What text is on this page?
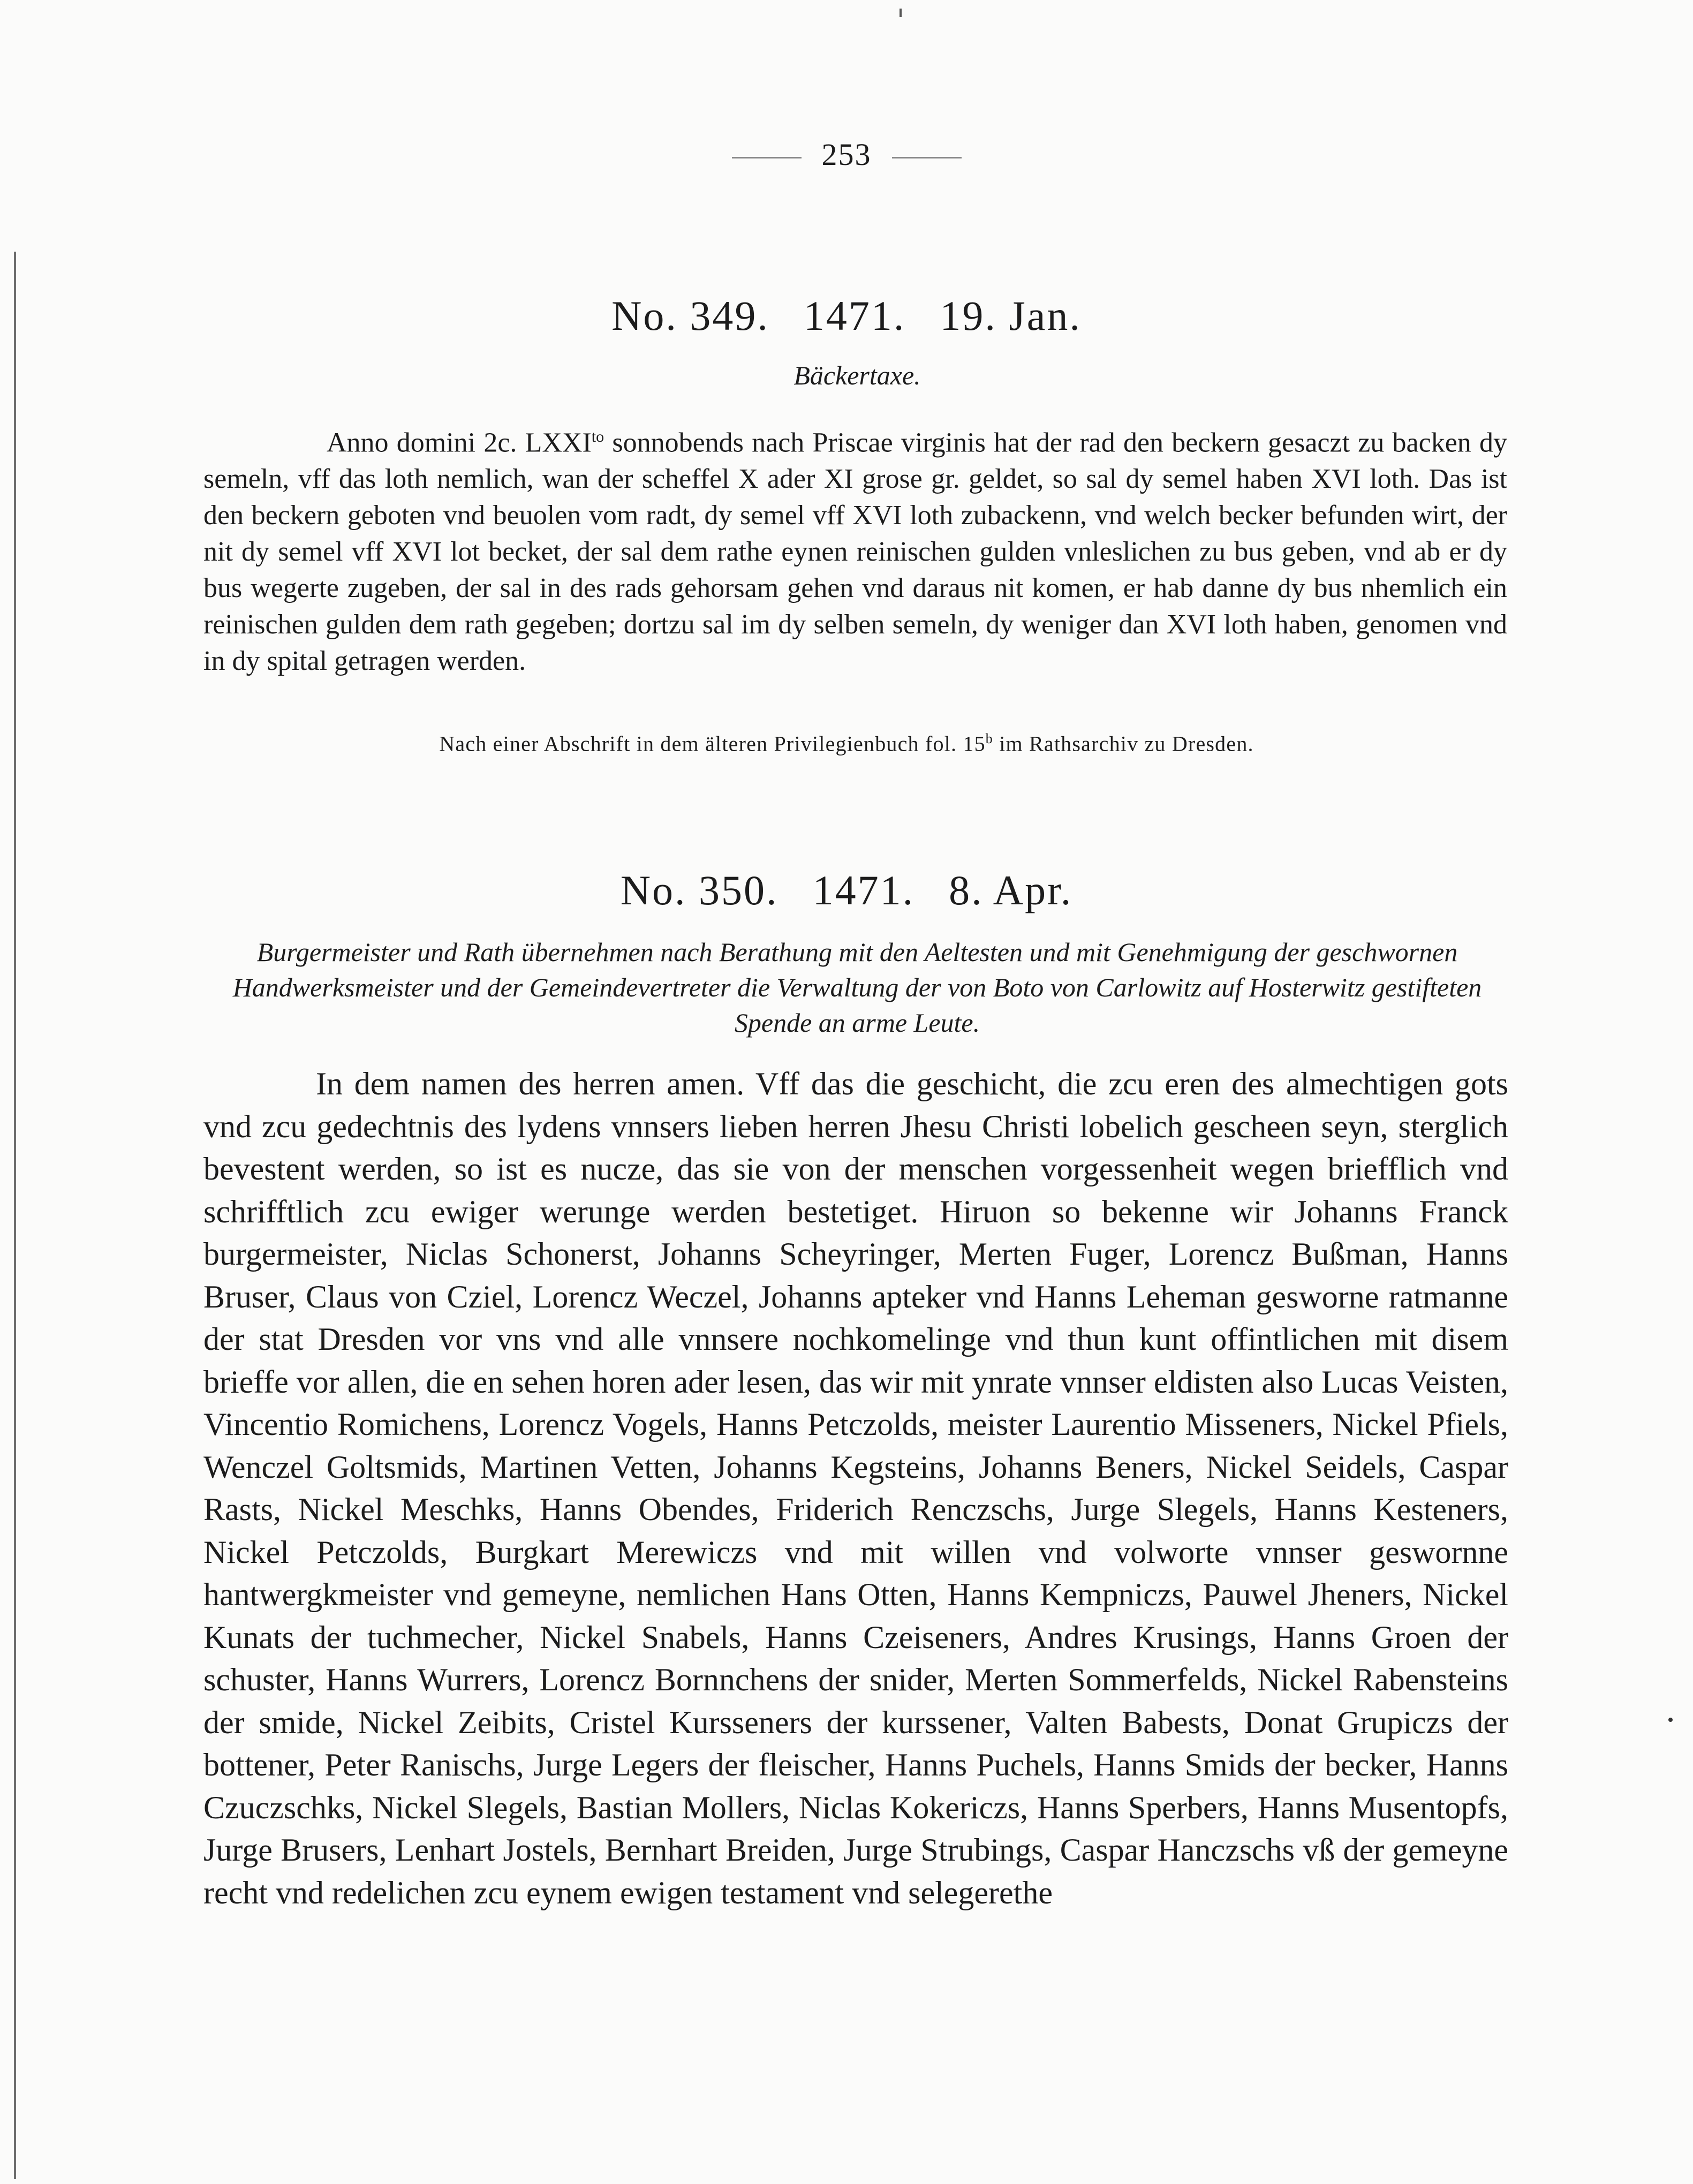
253
No. 349. 1471. 19. Jan.
Bäckertaxe.
Anno domini 2c. $LXXI^{to}$ sonnobends nach Priscae virginis hat der rad den beckern gesaczt zu backen dy semeln, vff das loth nemlich, wan der scheffel X ader XI grose gr. geldet, so sal dy semel haben XVI loth. Das ist den beckern geboten vnd beuolen vom radt, dy semel vff XVI loth zubackenn, vnd welch becker befunden wirt, der nit dy semel vff XVI lot becket, der sal dem rathe eynen reinischen gulden vnleslichen zu bus geben, vnd ab er dy bus wegerte zugeben, der sal in des rads gehorsam gehen vnd daraus nit komen, er hab danne dy bus nhemlich ein reinischen gulden dem rath gegeben; dortzu sal im dy selben semeln, dy weniger dan XVI loth haben, genomen vnd in dy spital getragen werden.
Nach einer Abschrift in dem älteren Privilegienbuch fol. 15$^b$ im Rathsarchiv zu Dresden.
No. 350. 1471. 8. Apr.
Burgermeister und Rath übernehmen nach Berathung mit den Aeltesten und mit Genehmigung der geschwornen Handwerksmeister und der Gemeindevertreter die Verwaltung der von Boto von Carlowitz auf Hosterwitz gestifteten Spende an arme Leute.
In dem namen des herren amen. Vff das die geschicht, die zcu eren des almechtigen gots vnd zcu gedechtnis des lydens vnnsers lieben herren Jhesu Christi lobelich gescheen seyn, sterglich bevestent werden, so ist es nucze, das sie von der menschen vorgessenheit wegen briefflich vnd schrifftlich zcu ewiger werunge werden bestetiget. Hiruon so bekenne wir Johanns Franck burgermeister, Niclas Schonerst, Johanns Scheyringer, Merten Fuger, Lorencz Bußman, Hanns Bruser, Claus von Cziel, Lorencz Weczel, Johanns apteker vnd Hanns Leheman gesworne ratmanne der stat Dresden vor vns vnd alle vnnsere nochkomelinge vnd thun kunt offintlichen mit disem brieffe vor allen, die en sehen horen ader lesen, das wir mit ynrate vnnser eldisten also Lucas Veisten, Vincentio Romichens, Lorencz Vogels, Hanns Petczolds, meister Laurentio Misseners, Nickel Pfiels, Wenczel Goltsmids, Martinen Vetten, Johanns Kegsteins, Johanns Beners, Nickel Seidels, Caspar Rasts, Nickel Meschks, Hanns Obendes, Friderich Renczschs, Jurge Slegels, Hanns Kesteners, Nickel Petczolds, Burgkart Merewiczs vnd mit willen vnd volworte vnnser geswornne hantwergkmeister vnd gemeyne, nemlichen Hans Otten, Hanns Kempniczs, Pauwel Jheners, Nickel Kunats der tuchmecher, Nickel Snabels, Hanns Czeiseners, Andres Krusings, Hanns Groen der schuster, Hanns Wurrers, Lorencz Bornnchens der snider, Merten Sommerfelds, Nickel Rabensteins der smide, Nickel Zeibits, Cristel Kursseners der kurssener, Valten Babests, Donat Grupiczs der bottener, Peter Ranischs, Jurge Legers der fleischer, Hanns Puchels, Hanns Smids der becker, Hanns Czuczschks, Nickel Slegels, Bastian Mollers, Niclas Kokericzs, Hanns Sperbers, Hanns Musentopfs, Jurge Brusers, Lenhart Jostels, Bernhart Breiden, Jurge Strubings, Caspar Hanczschs vß der gemeyne recht vnd redelichen zcu eynem ewigen testament vnd selegerethe
